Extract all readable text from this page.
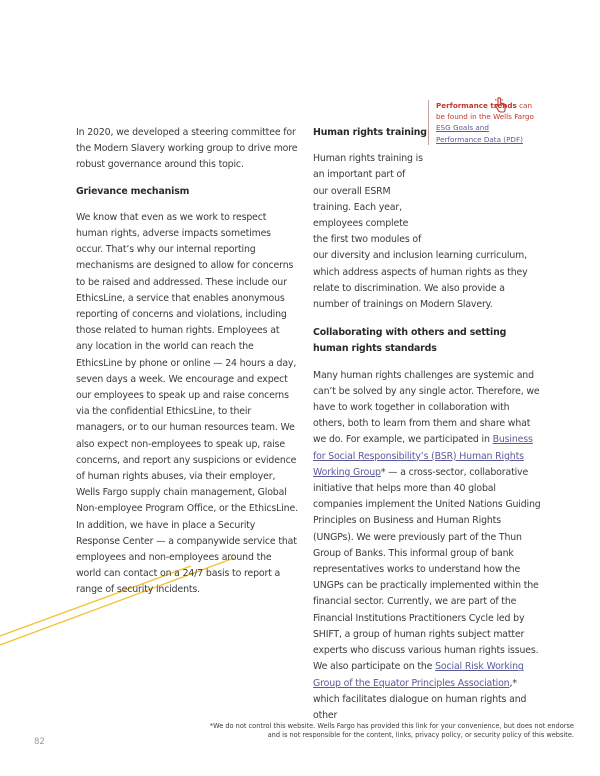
In 2020, we developed a steering committee for the Modern Slavery working group to drive more robust governance around this topic.

Grievance mechanism

We know that even as we work to respect human rights, adverse impacts sometimes occur. That’s why our internal reporting mechanisms are designed to allow for concerns to be raised and addressed. These include our EthicsLine, a service that enables anonymous reporting of concerns and violations, including those related to human rights. Employees at any location in the world can reach the EthicsLine by phone or online — 24 hours a day, seven days a week. We encourage and expect our employees to speak up and raise concerns via the confidential EthicsLine, to their managers, or to our human resources team. We also expect non-employees to speak up, raise concerns, and report any suspicions or evidence of human rights abuses, via their employer, Wells Fargo supply chain management, Global Non-employee Program Office, or the EthicsLine. In addition, we have in place a Security Response Center — a companywide service that employees and non-employees around the world can contact on a 24/7 basis to report a range of security incidents.

Human rights training

Human rights training is an important part of our overall ESRM training. Each year, employees complete the first two modules of our diversity and inclusion learning curriculum, which address aspects of human rights as they relate to discrimination. We also provide a number of trainings on Modern Slavery.

Collaborating with others and setting human rights standards

Many human rights challenges are systemic and can’t be solved by any single actor. Therefore, we have to work together in collaboration with others, both to learn from them and share what we do. For example, we participated in Business for Social Responsibility’s (BSR) Human Rights Working Group* — a cross-sector, collaborative initiative that helps more than 40 global companies implement the United Nations Guiding Principles on Business and Human Rights (UNGPs). We were previously part of the Thun Group of Banks. This informal group of bank representatives works to understand how the UNGPs can be practically implemented within the financial sector. Currently, we are part of the Financial Institutions Practitioners Cycle led by SHIFT, a group of human rights subject matter experts who discuss various human rights issues. We also participate on the Social Risk Working Group of the Equator Principles Association,* which facilitates dialogue on human rights and other

Performance trends can be found in the Wells Fargo ESG Goals and Performance Data (PDF)
*We do not control this website. Wells Fargo has provided this link for your convenience, but does not endorse and is not responsible for the content, links, privacy policy, or security policy of this website.
82
